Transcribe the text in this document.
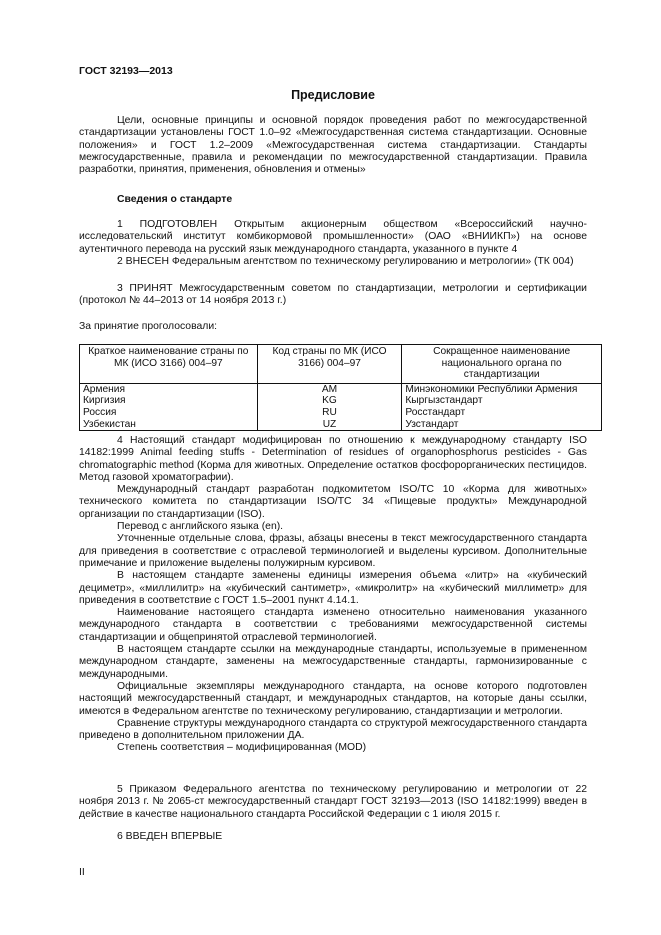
ГОСТ 32193—2013
Предисловие

Цели, основные принципы и основной порядок проведения работ по межгосударственной стандартизации установлены ГОСТ 1.0–92 «Межгосударственная система стандартизации. Основные положения» и ГОСТ 1.2–2009 «Межгосударственная система стандартизации. Стандарты межгосударственные, правила и рекомендации по межгосударственной стандартизации. Правила разработки, принятия, применения, обновления и отмены»

Сведения о стандарте

1 ПОДГОТОВЛЕН Открытым акционерным обществом «Всероссийский научно-исследовательский институт комбикормовой промышленности» (ОАО «ВНИИКП») на основе аутентичного перевода на русский язык международного стандарта, указанного в пункте 4

2 ВНЕСЕН Федеральным агентством по техническому регулированию и метрологии» (ТК 004)

3 ПРИНЯТ Межгосударственным советом по стандартизации, метрологии и сертификации (протокол № 44–2013 от 14 ноября 2013 г.)

За принятие проголосовали:

Краткое наименование страны по МК (ИСО 3166) 004–97	Код страны по МК (ИСО 3166) 004–97	Сокращенное наименование национального органа по стандартизации
Армения	AM	Минэкономики Республики Армения
Киргизия	KG	Кыргызстандарт
Россия	RU	Росстандарт
Узбекистан	UZ	Узстандарт

4 Настоящий стандарт модифицирован по отношению к международному стандарту ISO 14182:1999 Animal feeding stuffs - Determination of residues of organophosphorus pesticides - Gas chromatographic method (Корма для животных. Определение остатков фосфорорганических пестицидов. Метод газовой хроматографии).

Международный стандарт разработан подкомитетом ISO/TC 10 «Корма для животных» технического комитета по стандартизации ISO/TC 34 «Пищевые продукты» Международной организации по стандартизации (ISO).

Перевод с английского языка (en).

Уточненные отдельные слова, фразы, абзацы внесены в текст межгосударственного стандарта для приведения в соответствие с отраслевой терминологией и выделены курсивом. Дополнительные примечание и приложение выделены полужирным курсивом.

В настоящем стандарте заменены единицы измерения объема «литр» на «кубический дециметр», «миллилитр» на «кубический сантиметр», «микролитр» на «кубический миллиметр» для приведения в соответствие с ГОСТ 1.5–2001 пункт 4.14.1.

Наименование настоящего стандарта изменено относительно наименования указанного международного стандарта в соответствии с требованиями межгосударственной системы стандартизации и общепринятой отраслевой терминологией.

В настоящем стандарте ссылки на международные стандарты, используемые в примененном международном стандарте, заменены на межгосударственные стандарты, гармонизированные с международными.

Официальные экземпляры международного стандарта, на основе которого подготовлен настоящий межгосударственный стандарт, и международных стандартов, на которые даны ссылки, имеются в Федеральном агентстве по техническому регулированию, стандартизации и метрологии.

Сравнение структуры международного стандарта со структурой межгосударственного стандарта приведено в дополнительном приложении ДА.

Степень соответствия – модифицированная (MOD)

5 Приказом Федерального агентства по техническому регулированию и метрологии от 22 ноября 2013 г. № 2065-ст межгосударственный стандарт ГОСТ 32193—2013 (ISO 14182:1999) введен в действие в качестве национального стандарта Российской Федерации с 1 июля 2015 г.

6 ВВЕДЕН ВПЕРВЫЕ

II
